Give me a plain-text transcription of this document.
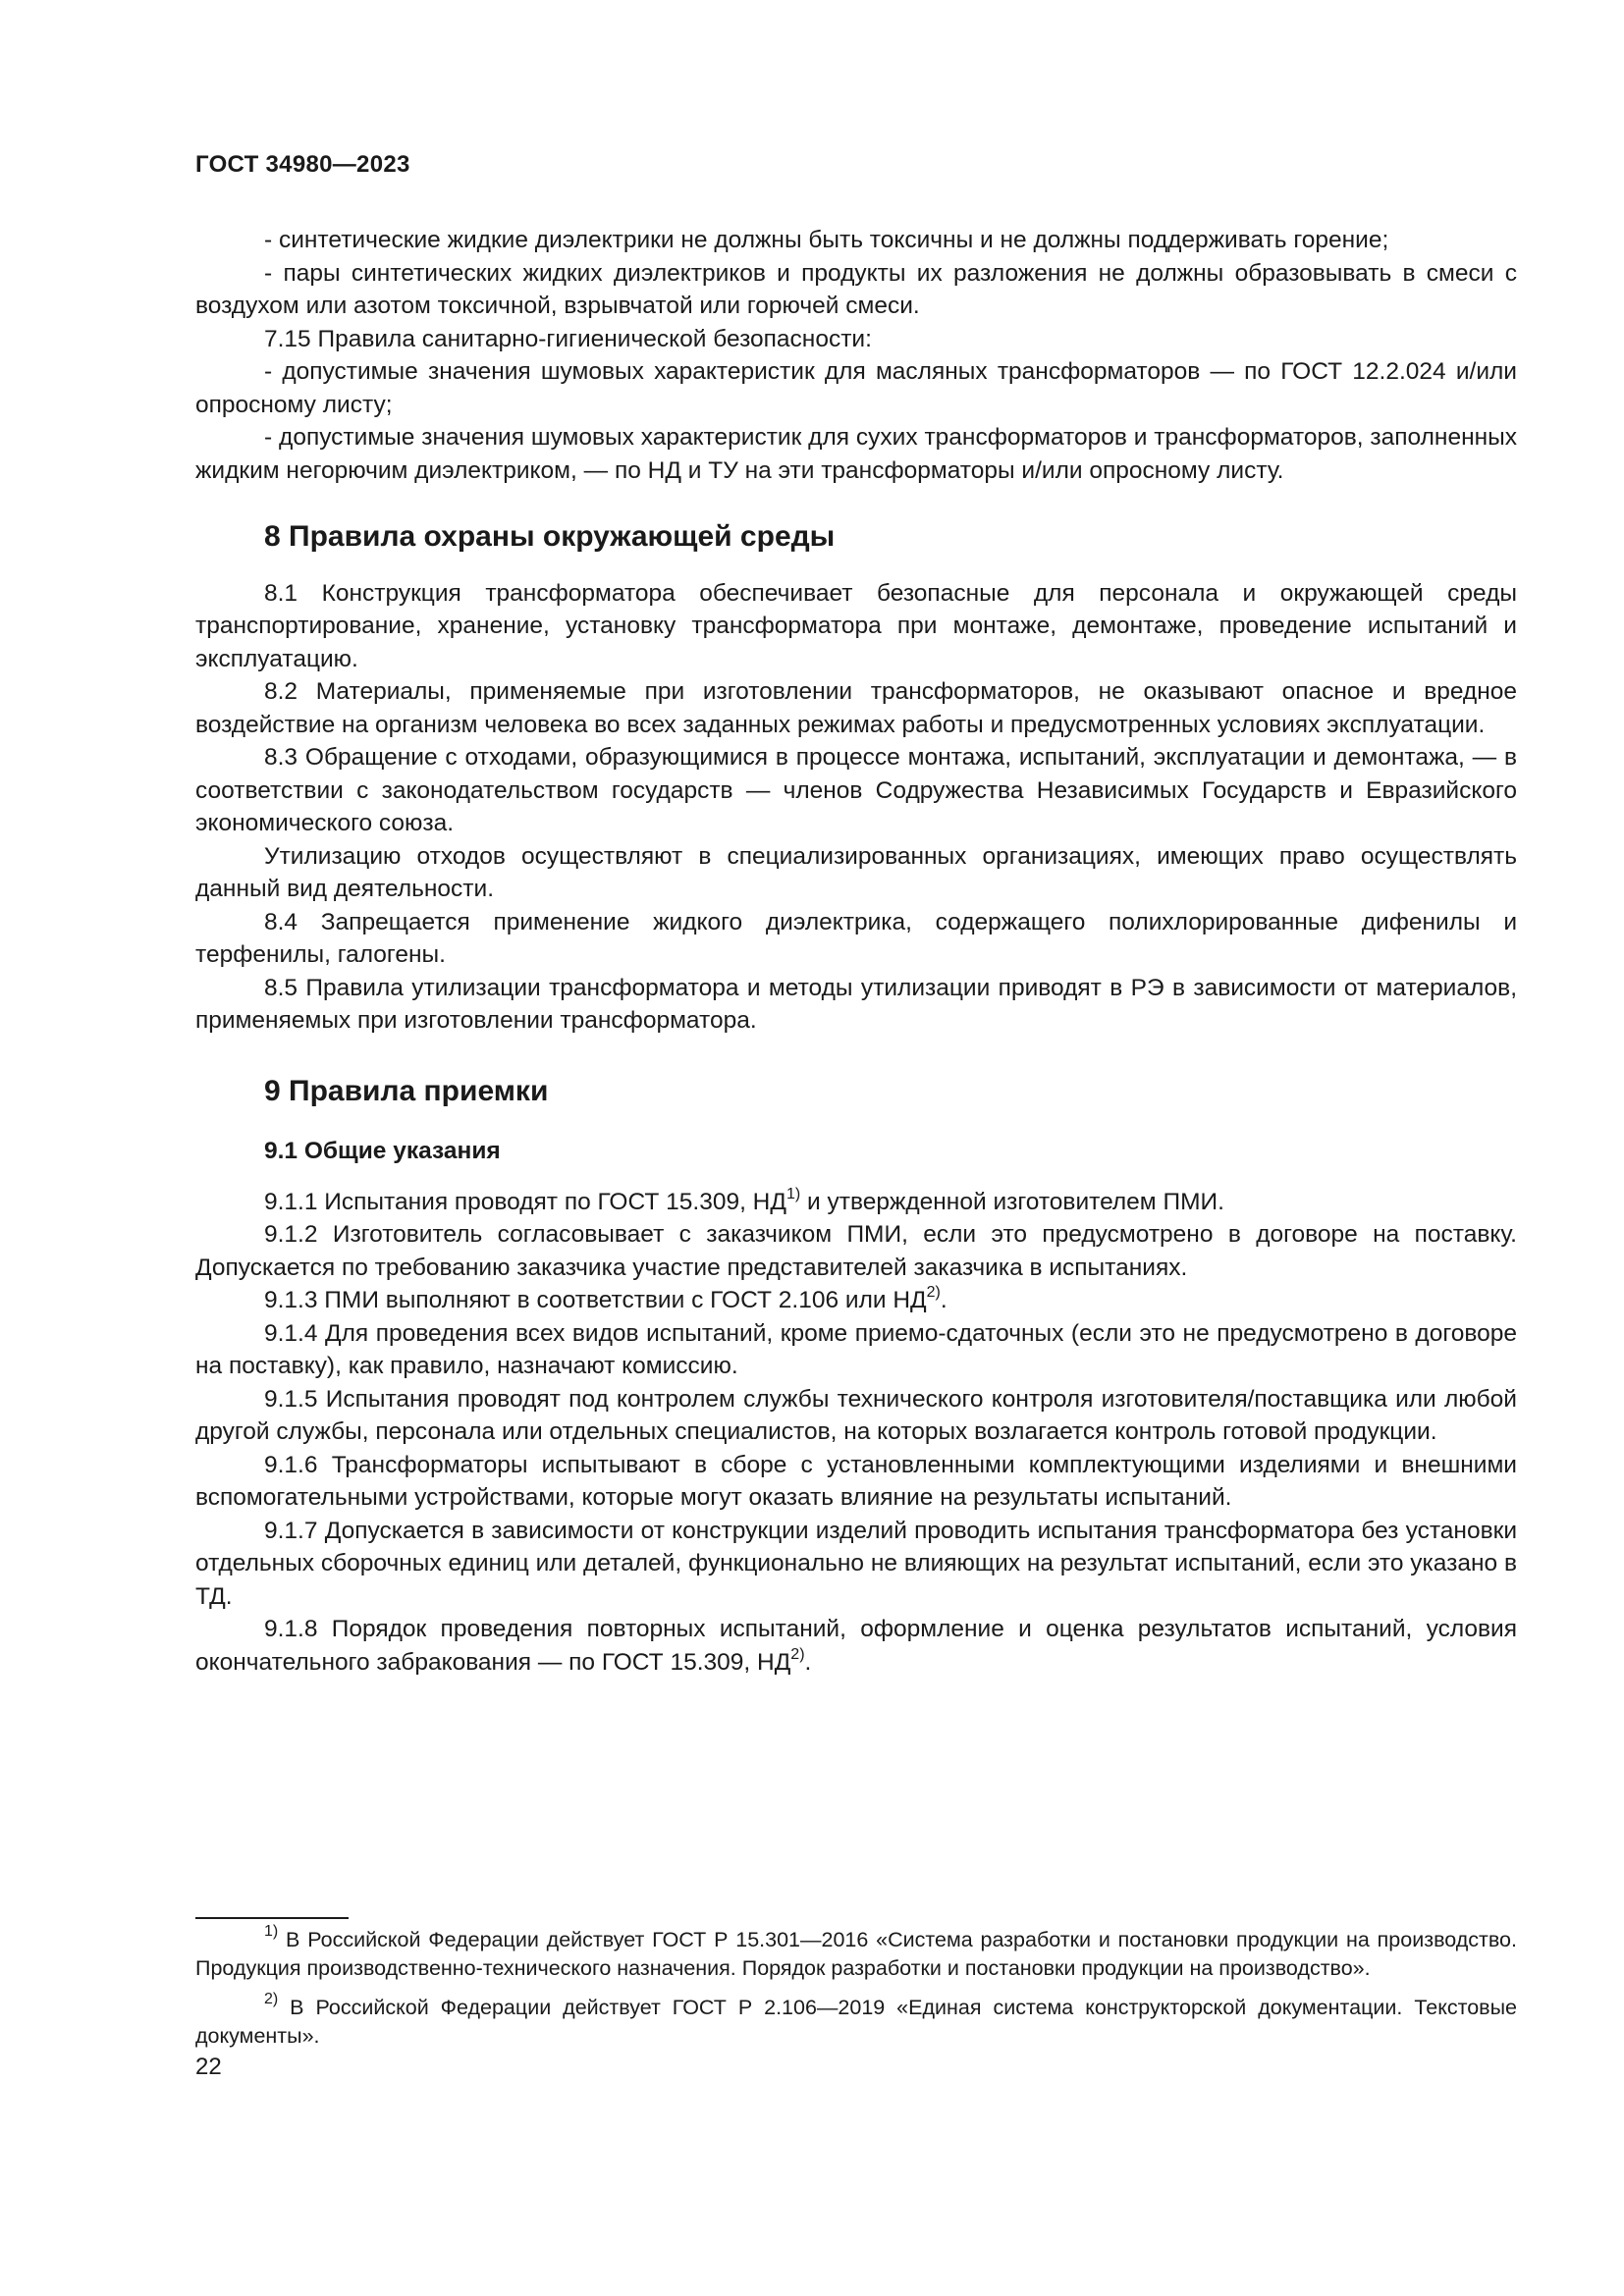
ГОСТ 34980—2023

- синтетические жидкие диэлектрики не должны быть токсичны и не должны поддерживать горение;

- пары синтетических жидких диэлектриков и продукты их разложения не должны образовывать в смеси с воздухом или азотом токсичной, взрывчатой или горючей смеси.

7.15 Правила санитарно-гигиенической безопасности:

- допустимые значения шумовых характеристик для масляных трансформаторов — по ГОСТ 12.2.024 и/или опросному листу;

- допустимые значения шумовых характеристик для сухих трансформаторов и трансформаторов, заполненных жидким негорючим диэлектриком, — по НД и ТУ на эти трансформаторы и/или опросному листу.

8 Правила охраны окружающей среды

8.1 Конструкция трансформатора обеспечивает безопасные для персонала и окружающей среды транспортирование, хранение, установку трансформатора при монтаже, демонтаже, проведение испытаний и эксплуатацию.

8.2 Материалы, применяемые при изготовлении трансформаторов, не оказывают опасное и вредное воздействие на организм человека во всех заданных режимах работы и предусмотренных условиях эксплуатации.

8.3 Обращение с отходами, образующимися в процессе монтажа, испытаний, эксплуатации и демонтажа, — в соответствии с законодательством государств — членов Содружества Независимых Государств и Евразийского экономического союза.

Утилизацию отходов осуществляют в специализированных организациях, имеющих право осуществлять данный вид деятельности.

8.4 Запрещается применение жидкого диэлектрика, содержащего полихлорированные дифенилы и терфенилы, галогены.

8.5 Правила утилизации трансформатора и методы утилизации приводят в РЭ в зависимости от материалов, применяемых при изготовлении трансформатора.

9 Правила приемки
9.1 Общие указания

9.1.1 Испытания проводят по ГОСТ 15.309, НД$^{1)}$ и утвержденной изготовителем ПМИ.

9.1.2 Изготовитель согласовывает с заказчиком ПМИ, если это предусмотрено в договоре на поставку. Допускается по требованию заказчика участие представителей заказчика в испытаниях.

9.1.3 ПМИ выполняют в соответствии с ГОСТ 2.106 или НД$^{2)}$.

9.1.4 Для проведения всех видов испытаний, кроме приемо-сдаточных (если это не предусмотрено в договоре на поставку), как правило, назначают комиссию.

9.1.5 Испытания проводят под контролем службы технического контроля изготовителя/поставщика или любой другой службы, персонала или отдельных специалистов, на которых возлагается контроль готовой продукции.

9.1.6 Трансформаторы испытывают в сборе с установленными комплектующими изделиями и внешними вспомогательными устройствами, которые могут оказать влияние на результаты испытаний.

9.1.7 Допускается в зависимости от конструкции изделий проводить испытания трансформатора без установки отдельных сборочных единиц или деталей, функционально не влияющих на результат испытаний, если это указано в ТД.

9.1.8 Порядок проведения повторных испытаний, оформление и оценка результатов испытаний, условия окончательного забракования — по ГОСТ 15.309, НД$^{2)}$.

$^{1)}$ В Российской Федерации действует ГОСТ Р 15.301—2016 «Система разработки и постановки продукции на производство. Продукция производственно-технического назначения. Порядок разработки и постановки продукции на производство».

$^{2)}$ В Российской Федерации действует ГОСТ Р 2.106—2019 «Единая система конструкторской документации. Текстовые документы».

22
